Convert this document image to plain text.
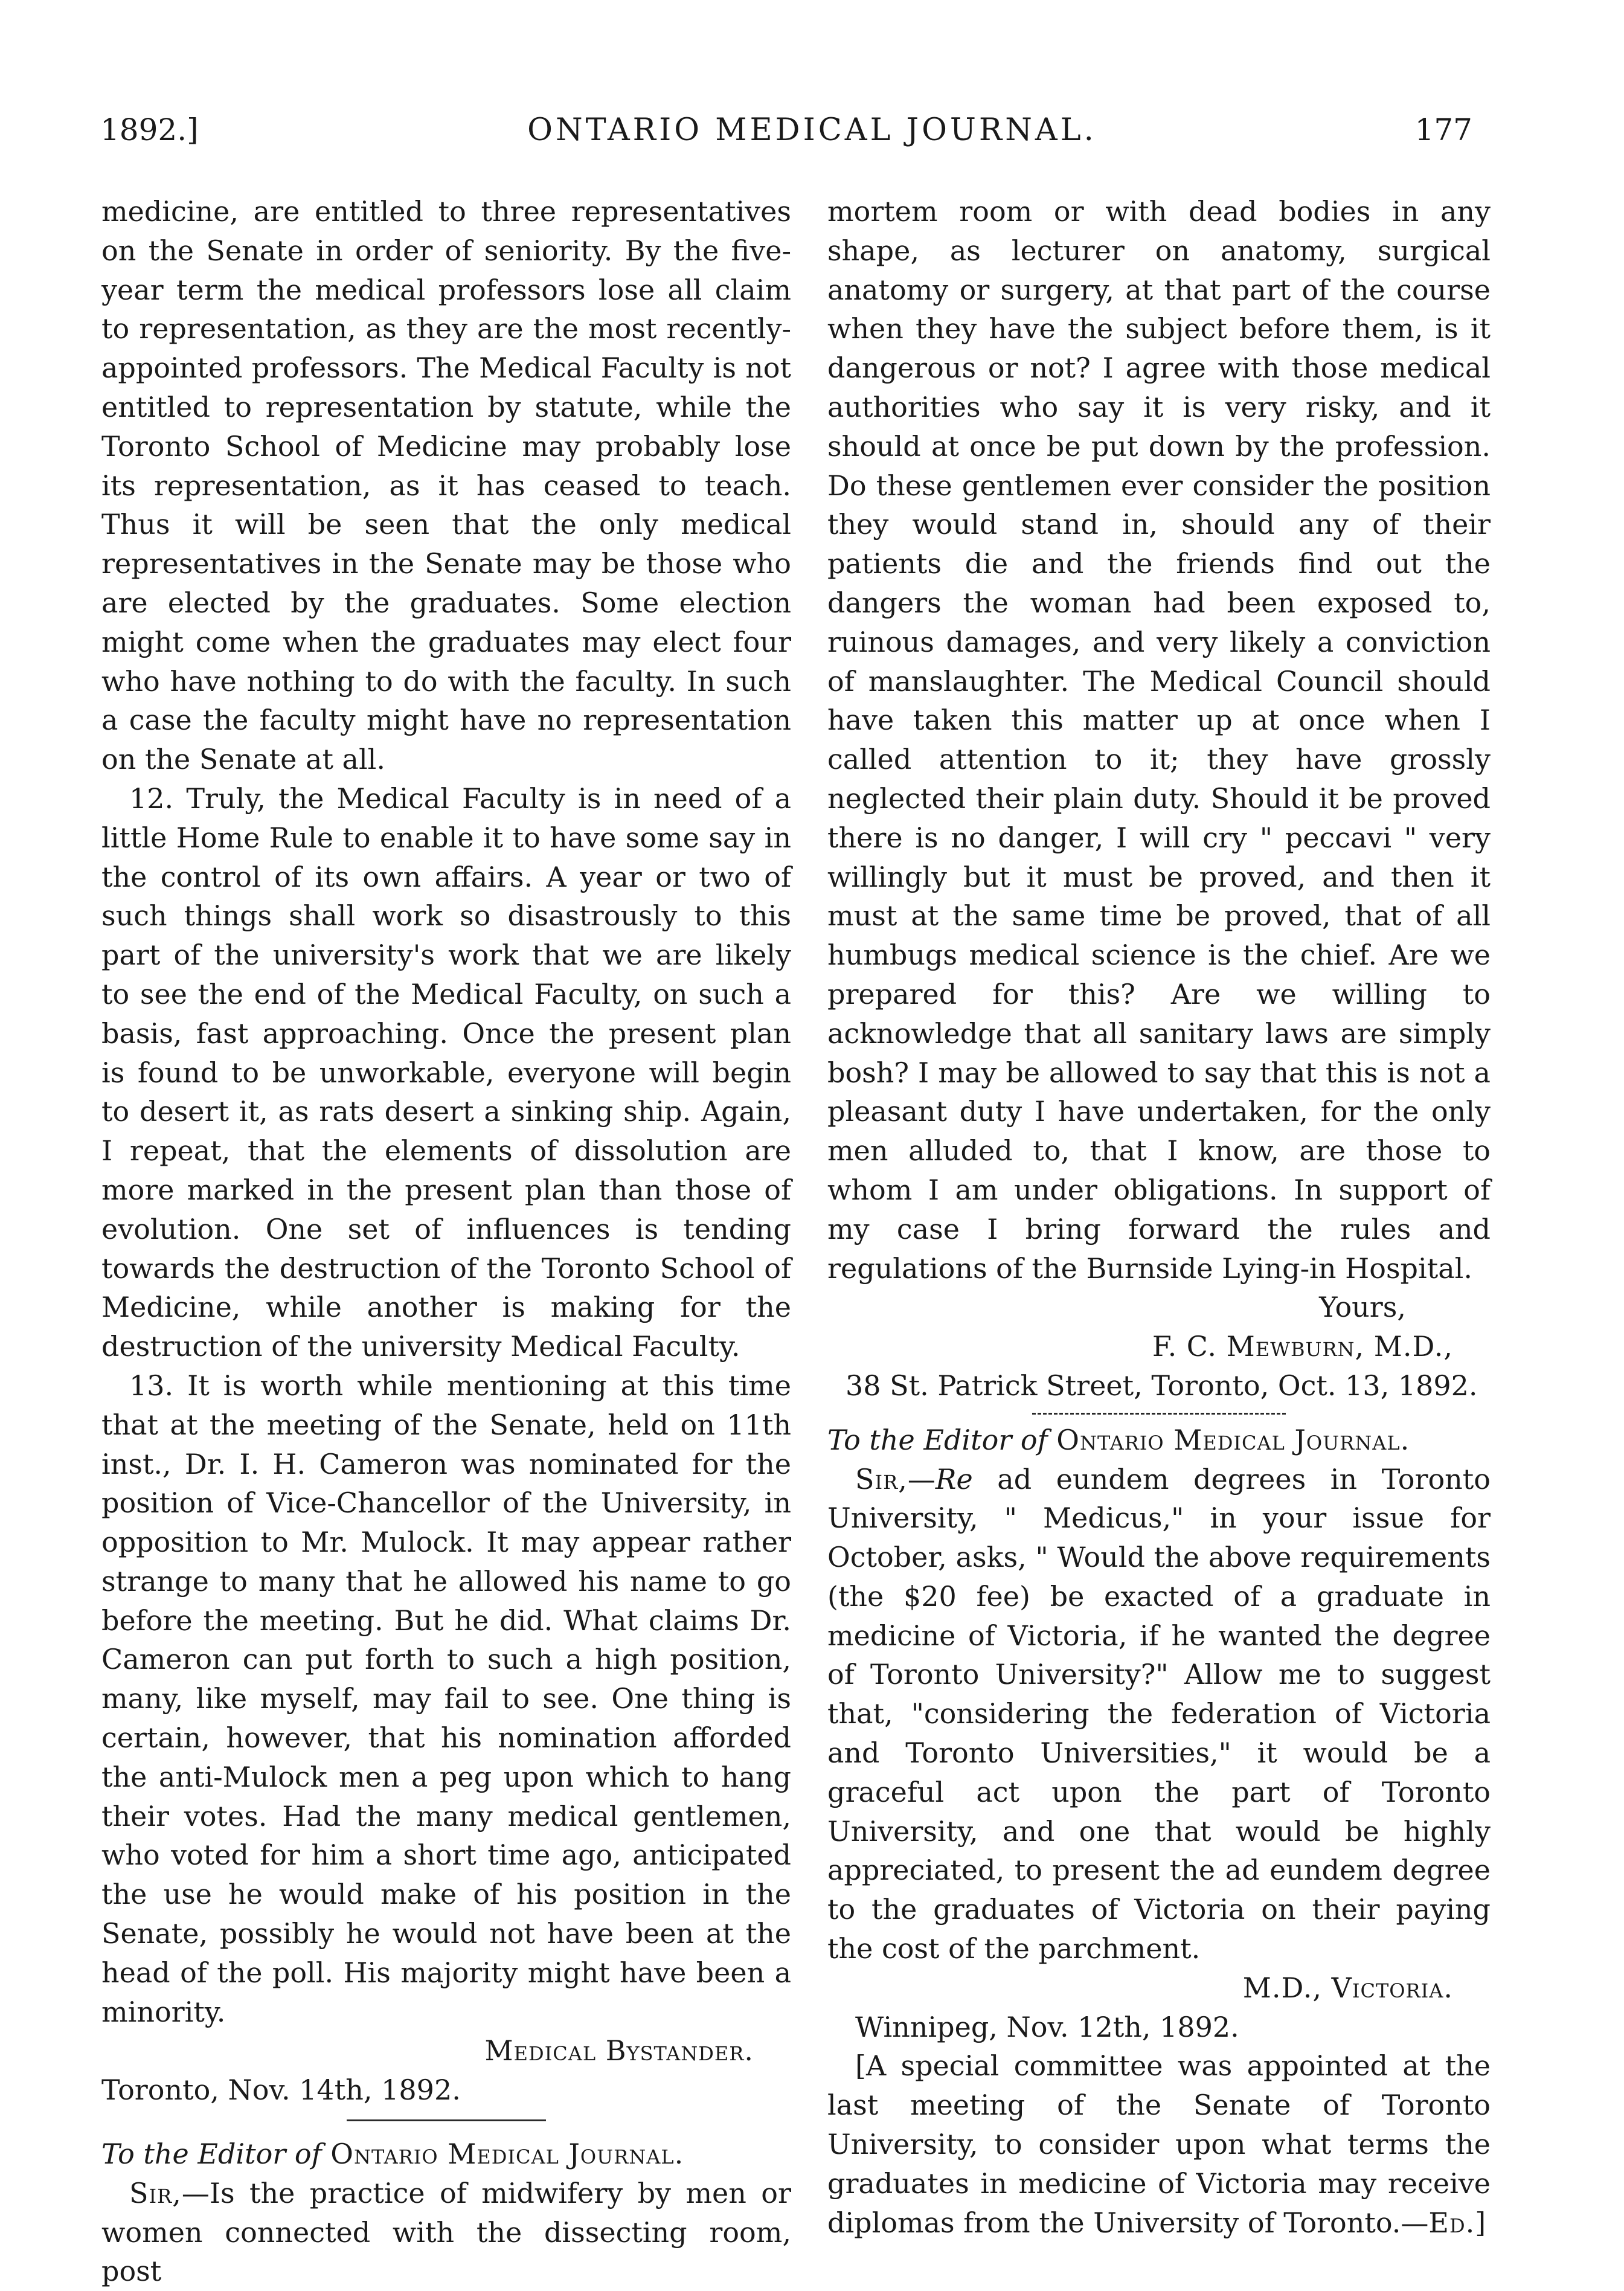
1892.]	ONTARIO MEDICAL JOURNAL.	177

medicine, are entitled to three representatives on the Senate in order of seniority. By the five-year term the medical professors lose all claim to representation, as they are the most recently-appointed professors. The Medical Faculty is not entitled to representation by statute, while the Toronto School of Medicine may probably lose its representation, as it has ceased to teach. Thus it will be seen that the only medical representatives in the Senate may be those who are elected by the graduates. Some election might come when the graduates may elect four who have nothing to do with the faculty. In such a case the faculty might have no representation on the Senate at all.

12. Truly, the Medical Faculty is in need of a little Home Rule to enable it to have some say in the control of its own affairs. A year or two of such things shall work so disastrously to this part of the university's work that we are likely to see the end of the Medical Faculty, on such a basis, fast approaching. Once the present plan is found to be unworkable, everyone will begin to desert it, as rats desert a sinking ship. Again, I repeat, that the elements of dissolution are more marked in the present plan than those of evolution. One set of influences is tending towards the destruction of the Toronto School of Medicine, while another is making for the destruction of the university Medical Faculty.

13. It is worth while mentioning at this time that at the meeting of the Senate, held on 11th inst., Dr. I. H. Cameron was nominated for the position of Vice-Chancellor of the University, in opposition to Mr. Mulock. It may appear rather strange to many that he allowed his name to go before the meeting. But he did. What claims Dr. Cameron can put forth to such a high position, many, like myself, may fail to see. One thing is certain, however, that his nomination afforded the anti-Mulock men a peg upon which to hang their votes. Had the many medical gentlemen, who voted for him a short time ago, anticipated the use he would make of his position in the Senate, possibly he would not have been at the head of the poll. His majority might have been a minority.

Medical Bystander.

Toronto, Nov. 14th, 1892.

To the Editor of Ontario Medical Journal.

Sir,—Is the practice of midwifery by men or women connected with the dissecting room, post

mortem room or with dead bodies in any shape, as lecturer on anatomy, surgical anatomy or surgery, at that part of the course when they have the subject before them, is it dangerous or not? I agree with those medical authorities who say it is very risky, and it should at once be put down by the profession. Do these gentlemen ever consider the position they would stand in, should any of their patients die and the friends find out the dangers the woman had been exposed to, ruinous damages, and very likely a conviction of manslaughter. The Medical Council should have taken this matter up at once when I called attention to it; they have grossly neglected their plain duty. Should it be proved there is no danger, I will cry " peccavi " very willingly but it must be proved, and then it must at the same time be proved, that of all humbugs medical science is the chief. Are we prepared for this? Are we willing to acknowledge that all sanitary laws are simply bosh? I may be allowed to say that this is not a pleasant duty I have undertaken, for the only men alluded to, that I know, are those to whom I am under obligations. In support of my case I bring forward the rules and regulations of the Burnside Lying-in Hospital.

Yours,

F. C. Mewburn, M.D.,

38 St. Patrick Street, Toronto, Oct. 13, 1892.

To the Editor of Ontario Medical Journal.

Sir,—Re ad eundem degrees in Toronto University, " Medicus," in your issue for October, asks, " Would the above requirements (the $20 fee) be exacted of a graduate in medicine of Victoria, if he wanted the degree of Toronto University?" Allow me to suggest that, "considering the federation of Victoria and Toronto Universities," it would be a graceful act upon the part of Toronto University, and one that would be highly appreciated, to present the ad eundem degree to the graduates of Victoria on their paying the cost of the parchment.

M.D., Victoria.

Winnipeg, Nov. 12th, 1892.

[A special committee was appointed at the last meeting of the Senate of Toronto University, to consider upon what terms the graduates in medicine of Victoria may receive diplomas from the University of Toronto.—Ed.]
